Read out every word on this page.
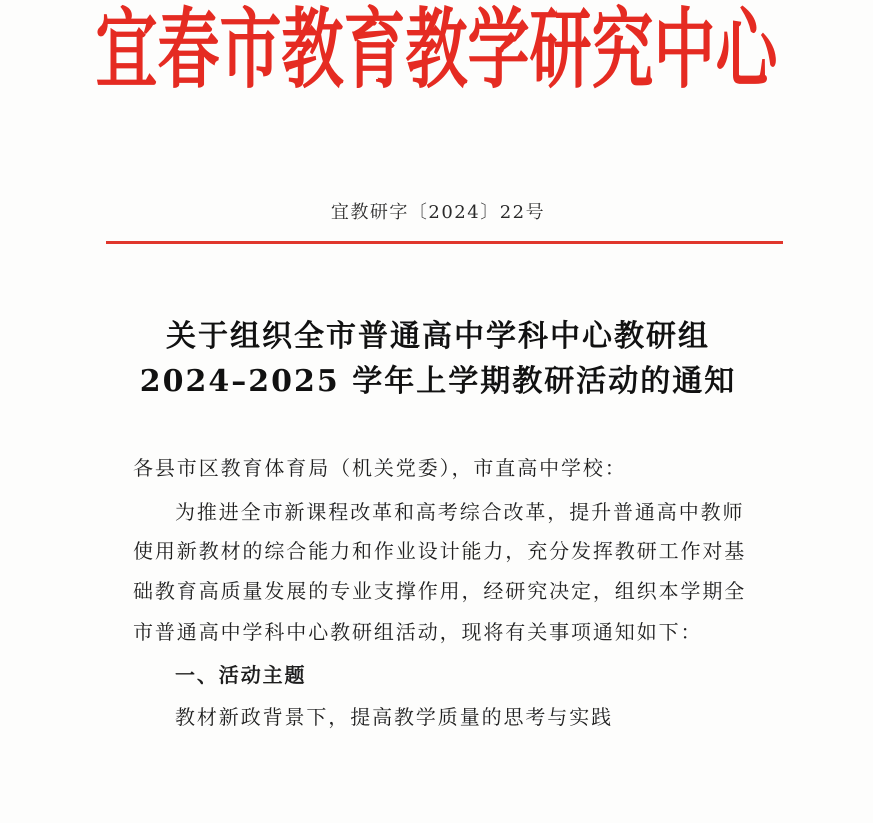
宜春市教育教学研究中心
宜教研字〔2024〕22号
关于组织全市普通高中学科中心教研组
2024–2025 学年上学期教研活动的通知
各县市区教育体育局（机关党委），市直高中学校：
为推进全市新课程改革和高考综合改革，提升普通高中教师
使用新教材的综合能力和作业设计能力，充分发挥教研工作对基
础教育高质量发展的专业支撑作用，经研究决定，组织本学期全
市普通高中学科中心教研组活动，现将有关事项通知如下：
一、活动主题
教材新政背景下，提高教学质量的思考与实践
